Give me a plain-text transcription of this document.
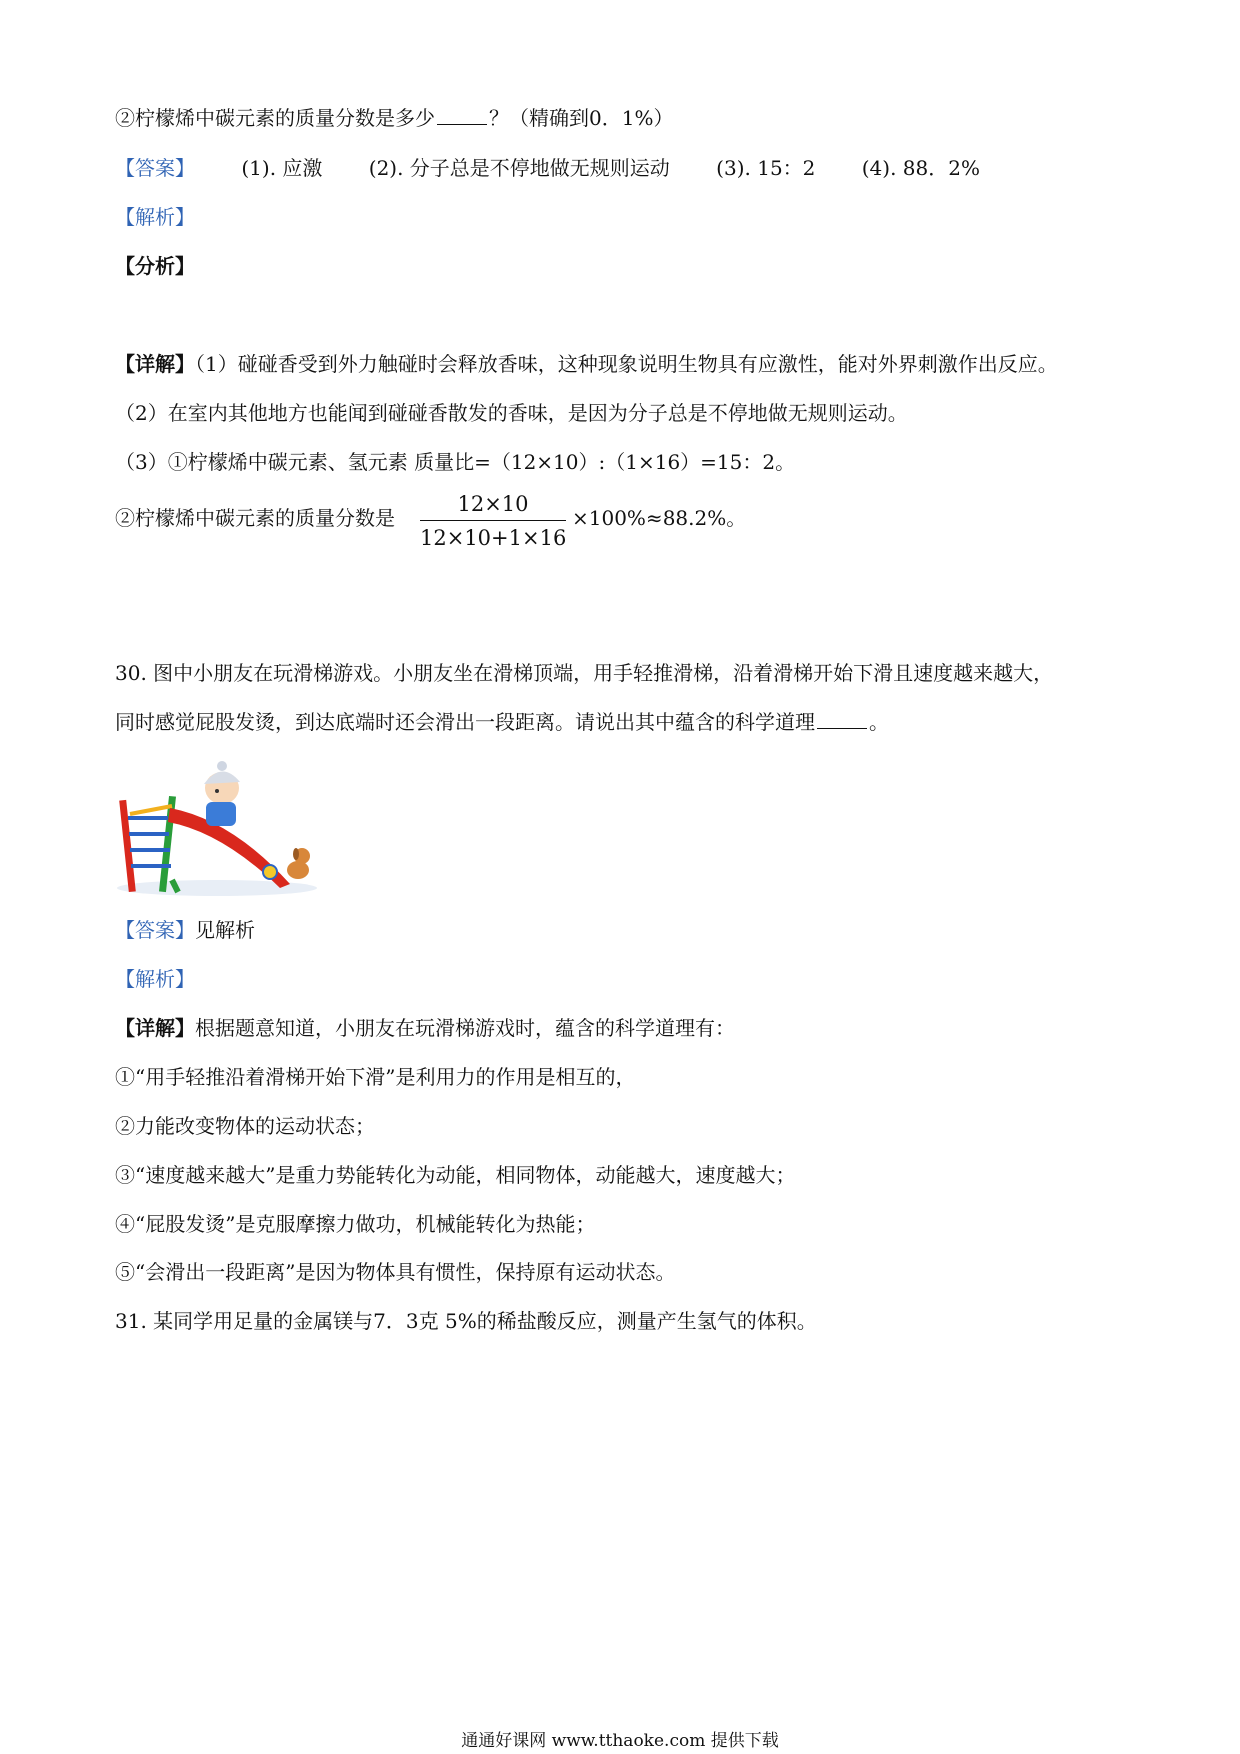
②柠檬烯中碳元素的质量分数是多少	？（精确到0．1%）
【答案】 (1). 应激 (2). 分子总是不停地做无规则运动 (3). 15：2 (4). 88．2%
【解析】
【分析】
【详解】（1）碰碰香受到外力触碰时会释放香味，这种现象说明生物具有应激性，能对外界刺激作出反应。
（2）在室内其他地方也能闻到碰碰香散发的香味，是因为分子总是不停地做无规则运动。
（3）①柠檬烯中碳元素、氢元素 质量比=（12×10）:（1×16）=15：2。
②柠檬烯中碳元素的质量分数是 $\frac{12\times 10}{12\times 10+1\times 16} \times 100\%\approx 88.2\%$。
30. 图中小朋友在玩滑梯游戏。小朋友坐在滑梯顶端，用手轻推滑梯，沿着滑梯开始下滑且速度越来越大，
同时感觉屁股发烫，到达底端时还会滑出一段距离。请说出其中蕴含的科学道理	。
【答案】见解析
【解析】
【详解】根据题意知道，小朋友在玩滑梯游戏时，蕴含的科学道理有：
①“用手轻推沿着滑梯开始下滑”是利用力的作用是相互的，
②力能改变物体的运动状态；
③“速度越来越大”是重力势能转化为动能，相同物体，动能越大，速度越大；
④“屁股发烫”是克服摩擦力做功，机械能转化为热能；
⑤“会滑出一段距离”是因为物体具有惯性，保持原有运动状态。
31. 某同学用足量的金属镁与7．3克 5%的稀盐酸反应，测量产生氢气的体积。
通通好课网 www.tthaoke.com 提供下载
